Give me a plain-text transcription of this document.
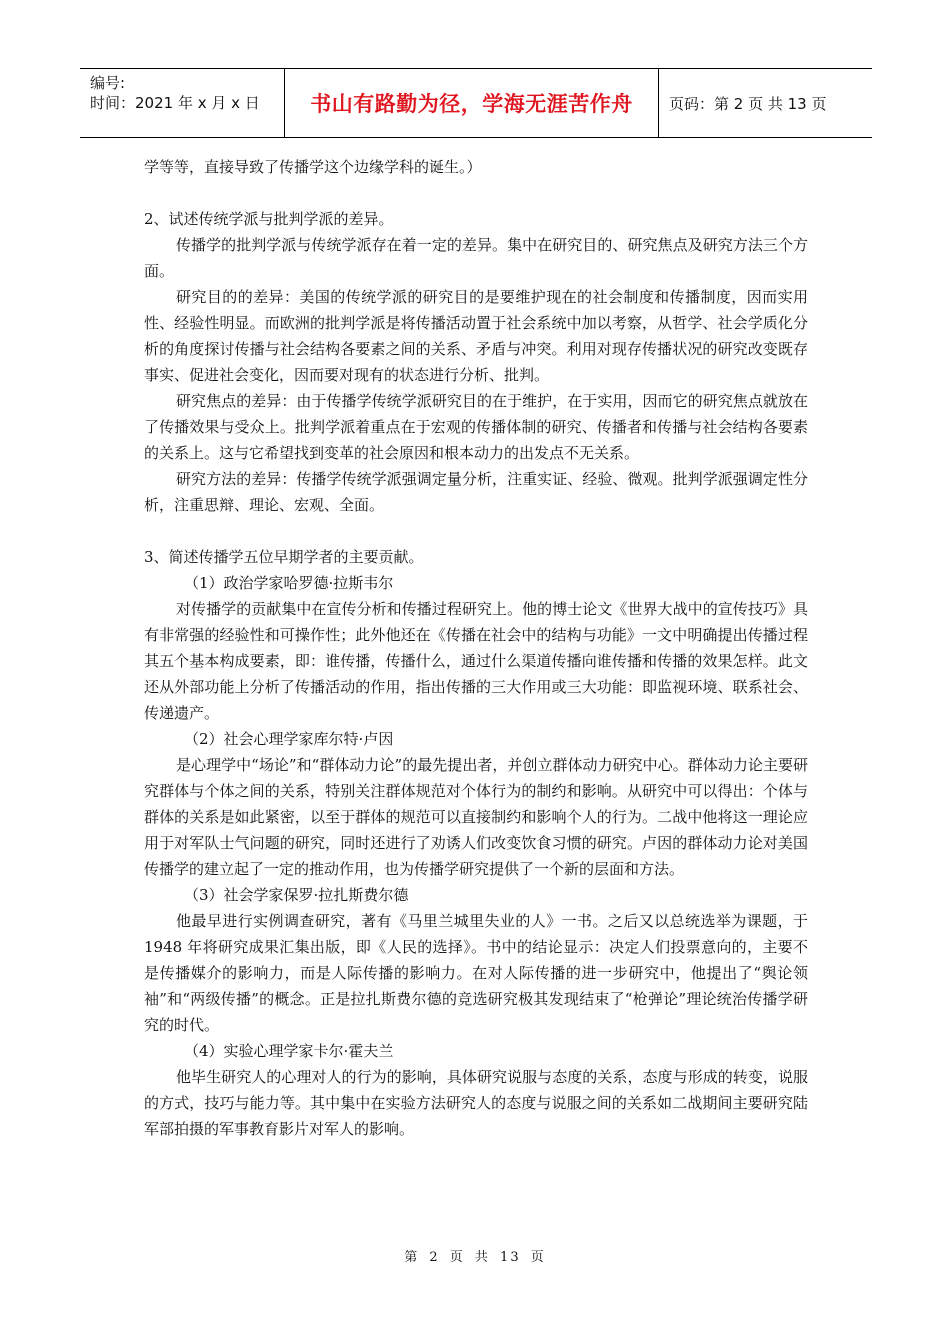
编号:
时间：2021 年 x 月 x 日	书山有路勤为径，学海无涯苦作舟	页码：第 2 页 共 13 页

学等等，直接导致了传播学这个边缘学科的诞生。）

2、试述传统学派与批判学派的差异。

传播学的批判学派与传统学派存在着一定的差异。集中在研究目的、研究焦点及研究方法三个方面。

研究目的的差异：美国的传统学派的研究目的是要维护现在的社会制度和传播制度，因而实用性、经验性明显。而欧洲的批判学派是将传播活动置于社会系统中加以考察，从哲学、社会学质化分析的角度探讨传播与社会结构各要素之间的关系、矛盾与冲突。利用对现存传播状况的研究改变既存事实、促进社会变化，因而要对现有的状态进行分析、批判。

研究焦点的差异：由于传播学传统学派研究目的在于维护，在于实用，因而它的研究焦点就放在了传播效果与受众上。批判学派着重点在于宏观的传播体制的研究、传播者和传播与社会结构各要素的关系上。这与它希望找到变革的社会原因和根本动力的出发点不无关系。

研究方法的差异：传播学传统学派强调定量分析，注重实证、经验、微观。批判学派强调定性分析，注重思辩、理论、宏观、全面。

3、简述传播学五位早期学者的主要贡献。

（1）政治学家哈罗德·拉斯韦尔

对传播学的贡献集中在宣传分析和传播过程研究上。他的博士论文《世界大战中的宣传技巧》具有非常强的经验性和可操作性；此外他还在《传播在社会中的结构与功能》一文中明确提出传播过程其五个基本构成要素，即：谁传播，传播什么，通过什么渠道传播向谁传播和传播的效果怎样。此文还从外部功能上分析了传播活动的作用，指出传播的三大作用或三大功能：即监视环境、联系社会、传递遗产。

（2）社会心理学家库尔特·卢因

是心理学中“场论”和“群体动力论”的最先提出者，并创立群体动力研究中心。群体动力论主要研究群体与个体之间的关系，特别关注群体规范对个体行为的制约和影响。从研究中可以得出：个体与群体的关系是如此紧密，以至于群体的规范可以直接制约和影响个人的行为。二战中他将这一理论应用于对军队士气问题的研究，同时还进行了劝诱人们改变饮食习惯的研究。卢因的群体动力论对美国传播学的建立起了一定的推动作用，也为传播学研究提供了一个新的层面和方法。

（3）社会学家保罗·拉扎斯费尔德

他最早进行实例调查研究，著有《马里兰城里失业的人》一书。之后又以总统选举为课题，于 1948 年将研究成果汇集出版，即《人民的选择》。书中的结论显示：决定人们投票意向的，主要不是传播媒介的影响力，而是人际传播的影响力。在对人际传播的进一步研究中，他提出了“舆论领袖”和“两级传播”的概念。正是拉扎斯费尔德的竞选研究极其发现结束了“枪弹论”理论统治传播学研究的时代。

（4）实验心理学家卡尔·霍夫兰

他毕生研究人的心理对人的行为的影响，具体研究说服与态度的关系，态度与形成的转变，说服的方式，技巧与能力等。其中集中在实验方法研究人的态度与说服之间的关系如二战期间主要研究陆军部拍摄的军事教育影片对军人的影响。

第 2 页 共 13 页
